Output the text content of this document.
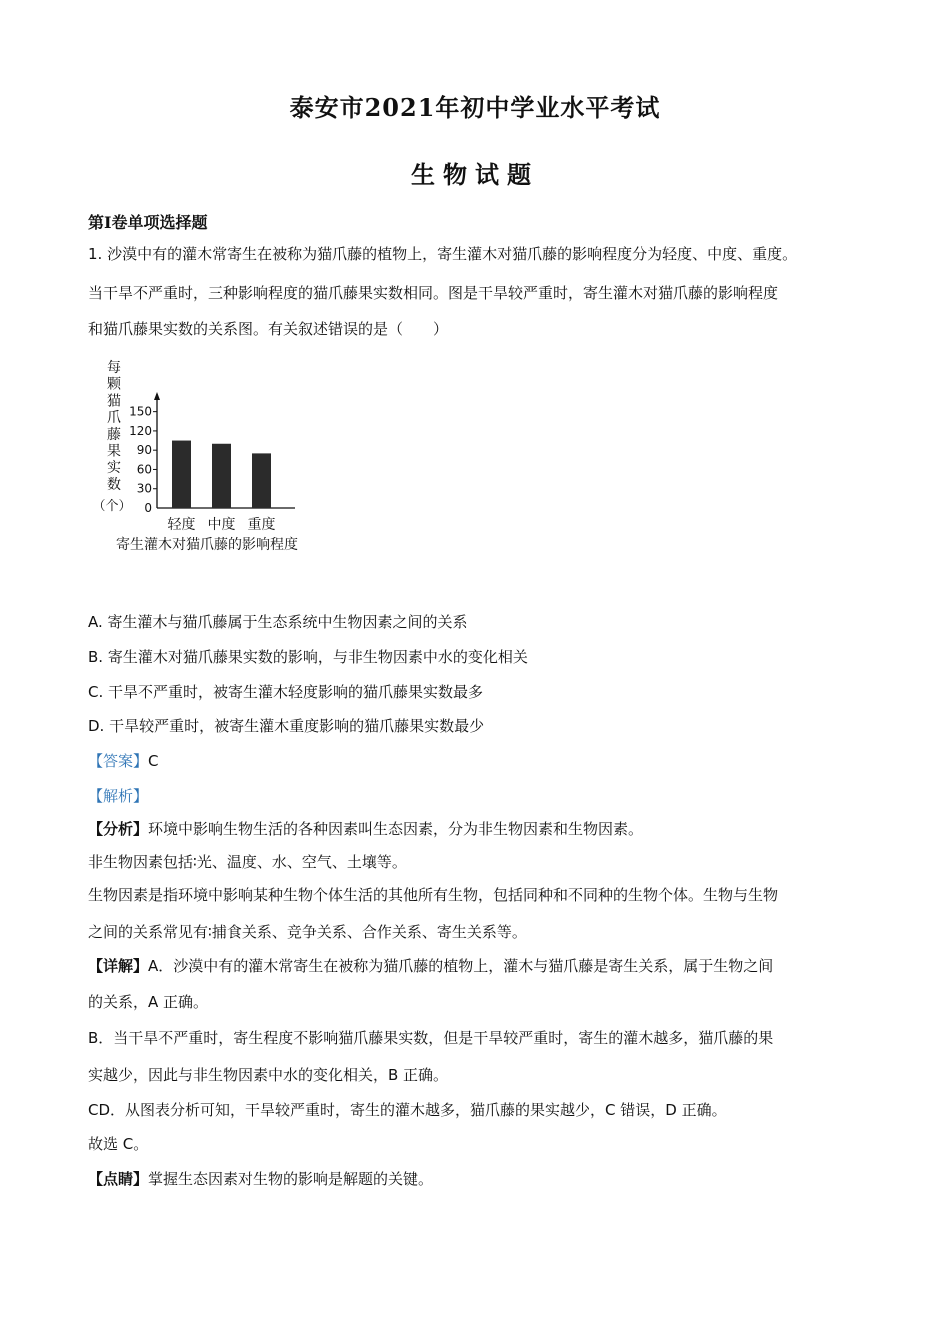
泰安市2021年初中学业水平考试
生物试题
第I卷单项选择题
1. 沙漠中有的灌木常寄生在被称为猫爪藤的植物上，寄生灌木对猫爪藤的影响程度分为轻度、中度、重度。
当干旱不严重时，三种影响程度的猫爪藤果实数相同。图是干旱较严重时，寄生灌木对猫爪藤的影响程度
和猫爪藤果实数的关系图。有关叙述错误的是（　　）
每
颗
猫
爪
藤
果
实
数
（个） 0
30
60
90
120
150
轻度 中度 重度
寄生灌木对猫爪藤的影响程度
A. 寄生灌木与猫爪藤属于生态系统中生物因素之间的关系
B. 寄生灌木对猫爪藤果实数的影响，与非生物因素中水的变化相关
C. 干旱不严重时，被寄生灌木轻度影响的猫爪藤果实数最多
D. 干旱较严重时，被寄生灌木重度影响的猫爪藤果实数最少
【答案】C
【解析】
【分析】环境中影响生物生活的各种因素叫生态因素，分为非生物因素和生物因素。
非生物因素包括∶光、温度、水、空气、土壤等。
生物因素是指环境中影响某种生物个体生活的其他所有生物，包括同种和不同种的生物个体。生物与生物
之间的关系常见有∶捕食关系、竞争关系、合作关系、寄生关系等。
【详解】A．沙漠中有的灌木常寄生在被称为猫爪藤的植物上，灌木与猫爪藤是寄生关系，属于生物之间
的关系，A 正确。
B．当干旱不严重时，寄生程度不影响猫爪藤果实数，但是干旱较严重时，寄生的灌木越多，猫爪藤的果
实越少，因此与非生物因素中水的变化相关，B 正确。
CD．从图表分析可知，干旱较严重时，寄生的灌木越多，猫爪藤的果实越少，C 错误，D 正确。
故选 C。
【点睛】掌握生态因素对生物的影响是解题的关键。
